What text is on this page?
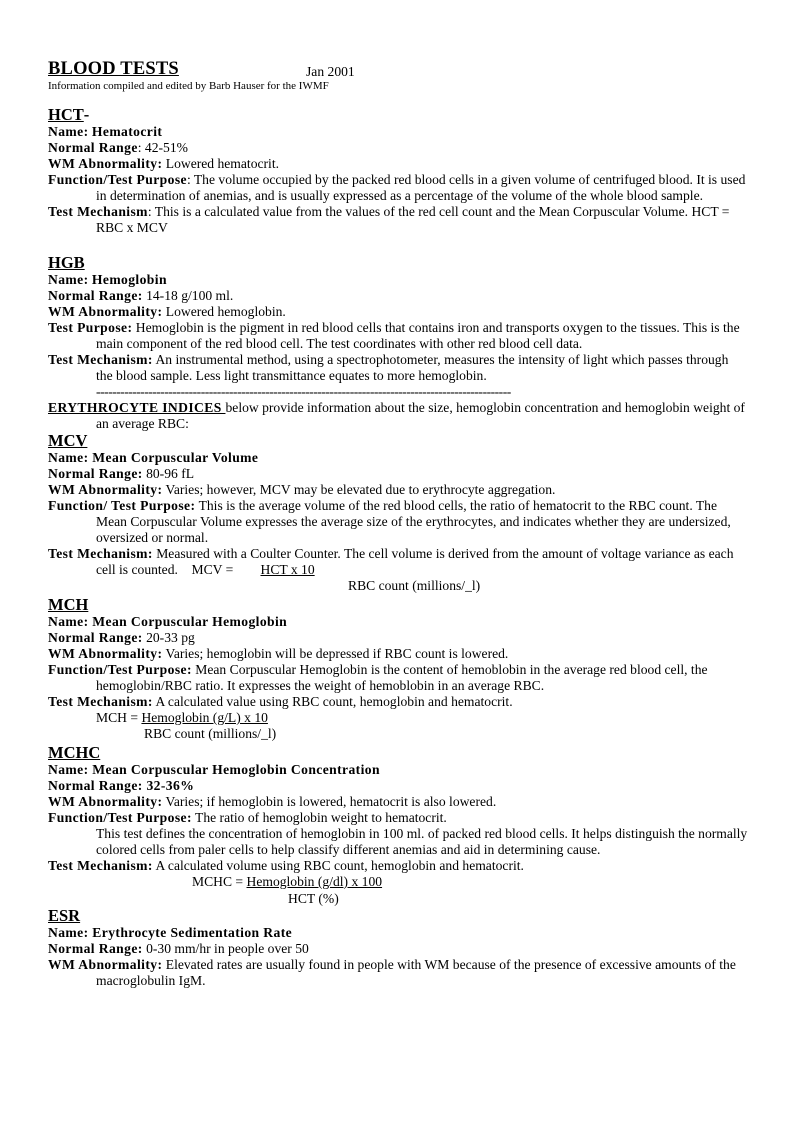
BLOOD TESTS	Jan 2001
Information compiled and edited by Barb Hauser for the IWMF
HCT-
Name: Hematocrit
Normal Range: 42-51%
WM Abnormality: Lowered hematocrit.
Function/Test Purpose: The volume occupied by the packed red blood cells in a given volume of centrifuged blood. It is used in determination of anemias, and is usually expressed as a percentage of the volume of the whole blood sample.
Test Mechanism: This is a calculated value from the values of the red cell count and the Mean Corpuscular Volume. HCT = RBC x MCV
HGB
Name: Hemoglobin
Normal Range: 14-18 g/100 ml.
WM Abnormality: Lowered hemoglobin.
Test Purpose: Hemoglobin is the pigment in red blood cells that contains iron and transports oxygen to the tissues. This is the main component of the red blood cell. The test coordinates with other red blood cell data.
Test Mechanism: An instrumental method, using a spectrophotometer, measures the intensity of light which passes through the blood sample. Less light transmittance equates to more hemoglobin.
-------------------------------------------------------------------------------------------------------
ERYTHROCYTE INDICES below provide information about the size, hemoglobin concentration and hemoglobin weight of an average RBC:
MCV
Name: Mean Corpuscular Volume
Normal Range: 80-96 fL
WM Abnormality: Varies; however, MCV may be elevated due to erythrocyte aggregation.
Function/ Test Purpose: This is the average volume of the red blood cells, the ratio of hematocrit to the RBC count. The Mean Corpuscular Volume expresses the average size of the erythrocytes, and indicates whether they are undersized, oversized or normal.
Test Mechanism: Measured with a Coulter Counter. The cell volume is derived from the amount of voltage variance as each cell is counted. MCV = HCT x 10
RBC count (millions/_l)
MCH
Name: Mean Corpuscular Hemoglobin
Normal Range: 20-33 pg
WM Abnormality: Varies; hemoglobin will be depressed if RBC count is lowered.
Function/Test Purpose: Mean Corpuscular Hemoglobin is the content of hemoblobin in the average red blood cell, the hemoglobin/RBC ratio. It expresses the weight of hemoblobin in an average RBC.
Test Mechanism: A calculated value using RBC count, hemoglobin and hematocrit.
MCH = Hemoglobin (g/L) x 10
RBC count (millions/_l)
MCHC
Name: Mean Corpuscular Hemoglobin Concentration
Normal Range: 32-36%
WM Abnormality: Varies; if hemoglobin is lowered, hematocrit is also lowered.
Function/Test Purpose: The ratio of hemoglobin weight to hematocrit.
This test defines the concentration of hemoglobin in 100 ml. of packed red blood cells. It helps distinguish the normally colored cells from paler cells to help classify different anemias and aid in determining cause.
Test Mechanism: A calculated volume using RBC count, hemoglobin and hematocrit.
MCHC = Hemoglobin (g/dl) x 100
HCT (%)
ESR
Name: Erythrocyte Sedimentation Rate
Normal Range: 0-30 mm/hr in people over 50
WM Abnormality: Elevated rates are usually found in people with WM because of the presence of excessive amounts of the macroglobulin IgM.
